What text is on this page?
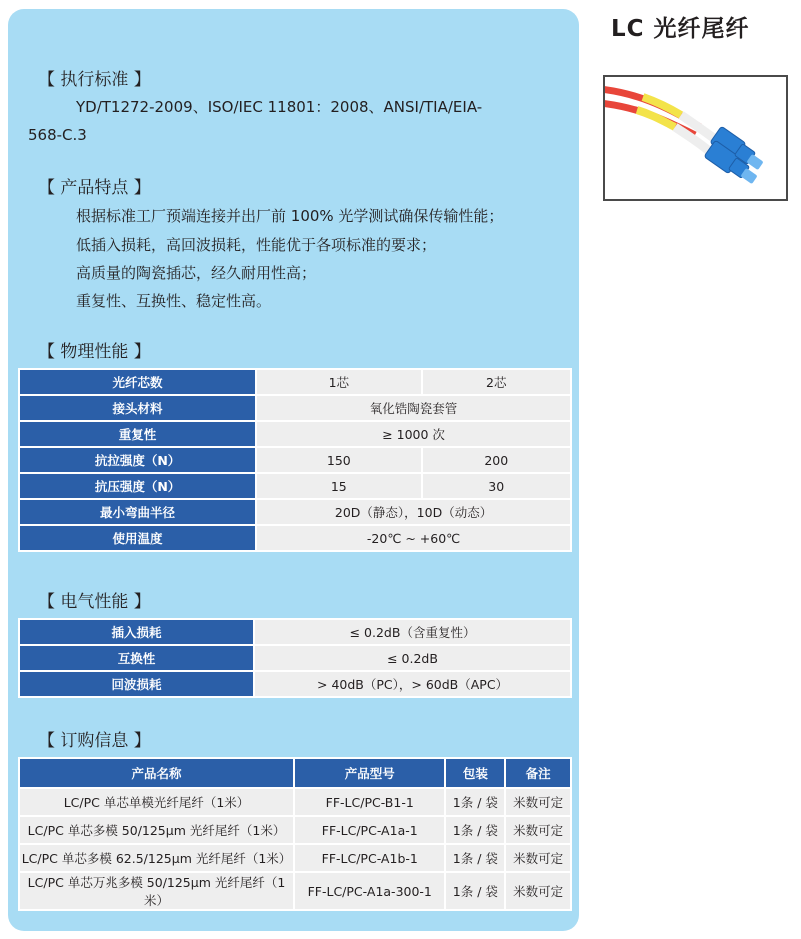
LC 光纤尾纤
【 执行标准 】
YD/T1272-2009、ISO/IEC 11801：2008、ANSI/TIA/EIA-
568-C.3
【 产品特点 】
根据标准工厂预端连接并出厂前 100% 光学测试确保传输性能；
低插入损耗，高回波损耗，性能优于各项标准的要求；
高质量的陶瓷插芯，经久耐用性高；
重复性、互换性、稳定性高。
【 物理性能 】
光纤芯数	1芯	2芯
接头材料	氧化锆陶瓷套管	
重复性	≥ 1000 次	
抗拉强度（N）	150	200
抗压强度（N）	15	30
最小弯曲半径	20D（静态），10D（动态）	
使用温度	-20℃ ~ +60℃	
【 电气性能 】
插入损耗	≤ 0.2dB（含重复性）
互换性	≤ 0.2dB
回波损耗	> 40dB（PC），> 60dB（APC）
【 订购信息 】
产品名称	产品型号	包装	备注
LC/PC 单芯单模光纤尾纤（1米）	FF-LC/PC-B1-1	1条 / 袋	米数可定
LC/PC 单芯多模 50/125μm 光纤尾纤（1米）	FF-LC/PC-A1a-1	1条 / 袋	米数可定
LC/PC 单芯多模 62.5/125μm 光纤尾纤（1米）	FF-LC/PC-A1b-1	1条 / 袋	米数可定
LC/PC 单芯万兆多模 50/125μm 光纤尾纤（1米）	FF-LC/PC-A1a-300-1	1条 / 袋	米数可定
